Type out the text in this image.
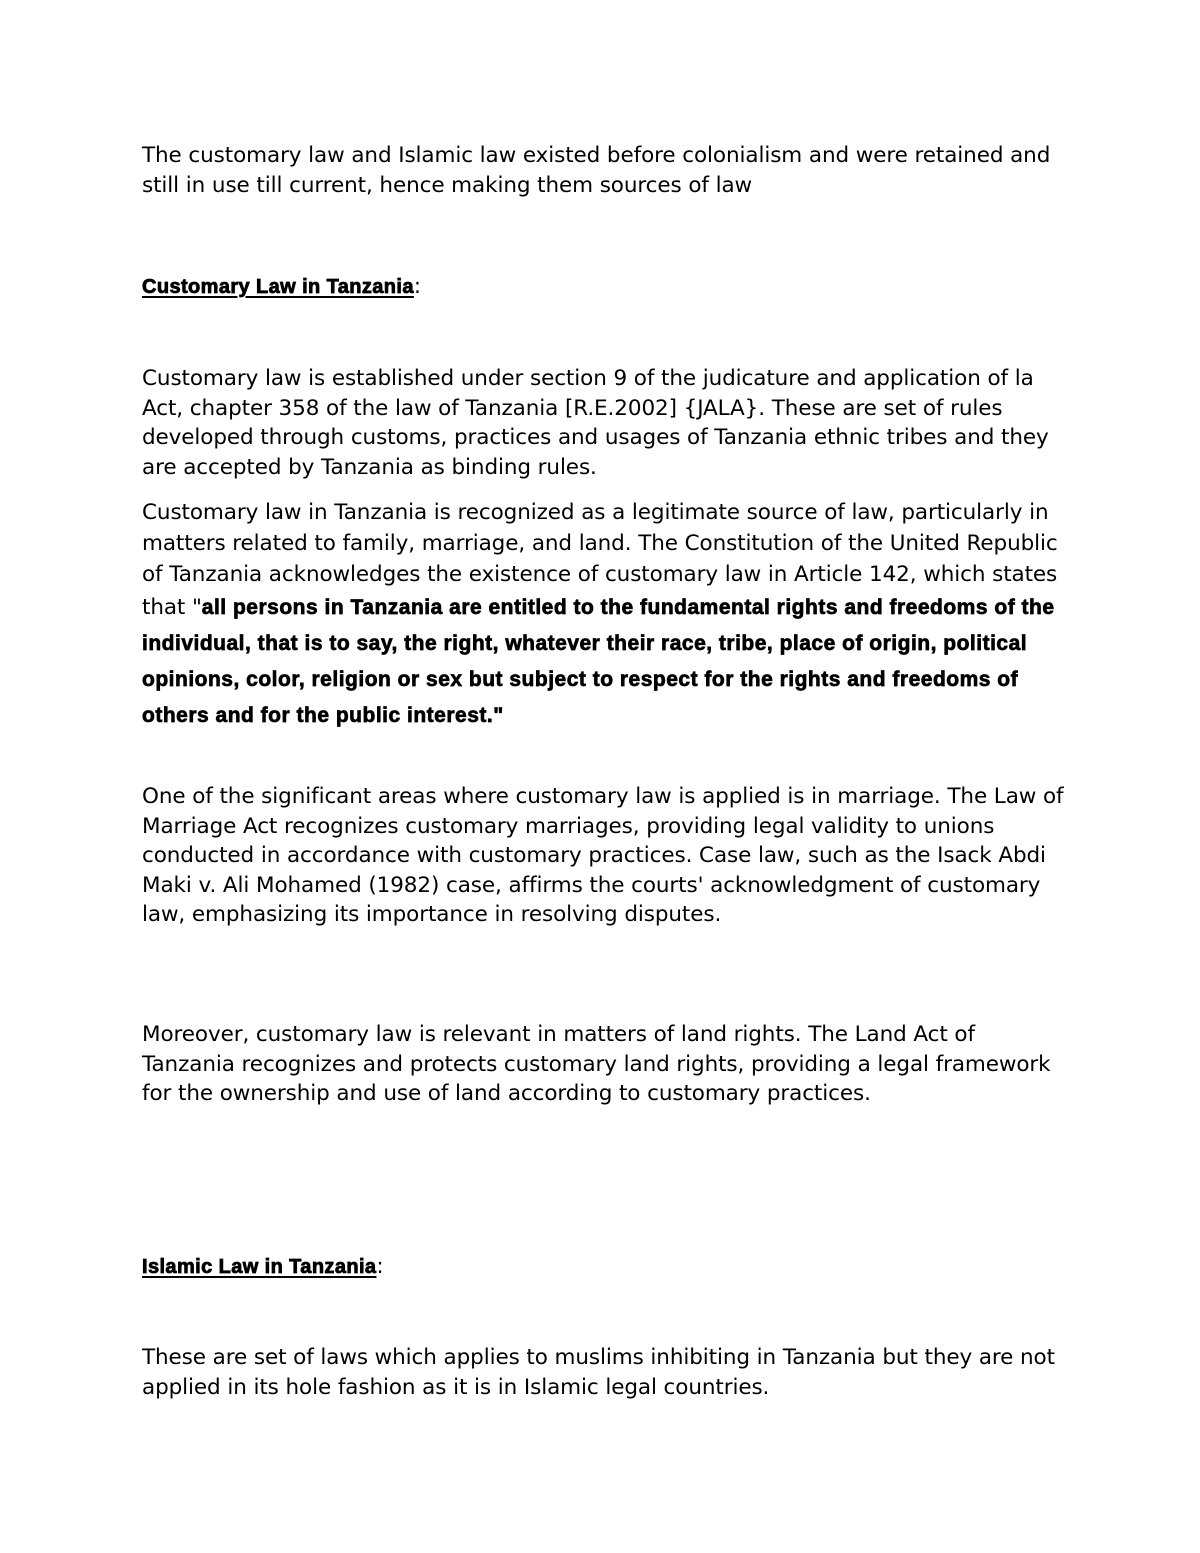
The customary law and Islamic law existed before colonialism and were retained and still in use till current, hence making them sources of law

Customary Law in Tanzania:

Customary law is established under section 9 of the judicature and application of la Act, chapter 358 of the law of Tanzania [R.E.2002] {JALA}. These are set of rules developed through customs, practices and usages of Tanzania ethnic tribes and they are accepted by Tanzania as binding rules.

Customary law in Tanzania is recognized as a legitimate source of law, particularly in matters related to family, marriage, and land. The Constitution of the United Republic of Tanzania acknowledges the existence of customary law in Article 142, which states that "all persons in Tanzania are entitled to the fundamental rights and freedoms of the individual, that is to say, the right, whatever their race, tribe, place of origin, political opinions, color, religion or sex but subject to respect for the rights and freedoms of others and for the public interest."

One of the significant areas where customary law is applied is in marriage. The Law of Marriage Act recognizes customary marriages, providing legal validity to unions conducted in accordance with customary practices. Case law, such as the Isack Abdi Maki v. Ali Mohamed (1982) case, affirms the courts' acknowledgment of customary law, emphasizing its importance in resolving disputes.

Moreover, customary law is relevant in matters of land rights. The Land Act of Tanzania recognizes and protects customary land rights, providing a legal framework for the ownership and use of land according to customary practices.

Islamic Law in Tanzania:

These are set of laws which applies to muslims inhibiting in Tanzania but they are not applied in its hole fashion as it is in Islamic legal countries.
